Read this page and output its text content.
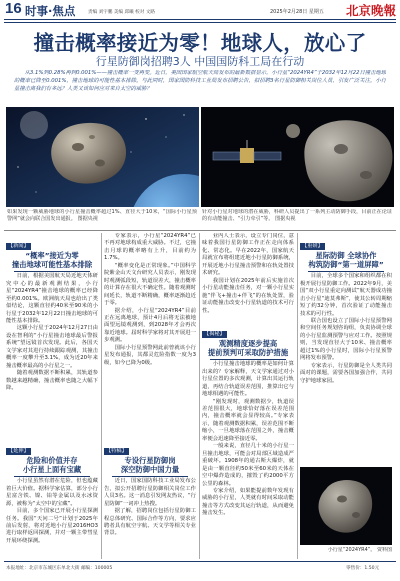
16 时事·焦点	责编 刘宇鹏 美编 邱曦 校对 文路	2025年2月28日 星期五 北京晚報
撞击概率接近为零！地球人，放心了
行星防御岗招聘3人 中国国防科工局在行动

从3.1%到0.28%再到0.001%——撞击概率一变再变。近日，美国国家航空航天局发布的最新数据显示，小行星“2024YR4”于2032年12月22日撞击地球的概率已降至0.001%，撞击地球的可能性基本排除。与此同时，国家国防科技工业局发布招聘公告，拟招聘3名行星防御相关岗位人员，引发广泛关注。小行星撞击离我们有多远？人类又该如何应对来自太空的威胁？

如果发现一颗威胁地球的小行星撞击概率超过1%、直径大于10米，“国际小行星预警网”就会向联合国发出通报。 图据央视

针对小行星对地球的潜在威胁，科研人员提出了一系列主动防御手段，目前正在论证的有动能撞击、“引力牵引”等。 图据央视

【新闻】
“概率”接近为零
撞击地球可能性基本排除

日前，根据美国航天局近地天体研究中心的最新观测结果，小行星“2024YR4”撞击地球的概率已经降至约0.001%。欧洲航天局也给出了类似结论，这颗直径约40米至90米的小行星于2032年12月22日撞击地球的可能性基本排除。

这颗小行星于2024年12月27日由设在智利的“小行星撞击地球最后警报系统”望远镜首次发现。此后，各国天文学家对其进行持续跟踪观测，其撞击概率一度攀升至3.1%，成为近20年来撞击概率最高的小行星之一。

随着观测数据不断积累，其轨道参数越来越精确，撞击概率也随之大幅下降。

【延伸】
危险和价值并存
小行星上面有宝藏

小行星虽然有潜在危险，但也蕴藏着巨大价值。据科学家估算，部分小行星富含铁、镍、铂等金属以及水冰资源，被称为“太空中的宝藏”。

目前，多个国家已开展小行星探测任务。我国“天问二号”计划于2025年前后发射，将对近地小行星2016HO3进行取样返回探测，并对一颗主带彗星开展环绕探测。

专家表示，小行星“2024YR4”已不再对地球构成重大威胁。不过，它撞击月球的概率略有上升，目前约为1.7%。

“概率变化是正常现象。”中国科学院紫金山天文台研究人员表示，刚发现时观测弧段短，轨道误差大，撞击概率的计算存在很大不确定性。随着观测时间延长，轨道不断精确，概率逐渐趋近于零。

据介绍，小行星“2024YR4”目前正在远离地球，预计4月后将无法被地面望远镜观测到，到2028年才会再次靠近地球。届时科学家将对其开展进一步观测。

国际小行星预警网此前曾就该小行星发布通报，其都灵危险指数一度为3级，如今已降为0级。

【特稿】
专设行星防御岗
深空防御中国力量

近日，国家国防科技工业局发布公告，拟公开招聘行星防御相关岗位工作人员3名。这一消息引发网友热议，“行星防御”一词冲上热搜。

据了解，招聘岗位包括行星防御工程总体研究、国际合作等方向，要求应聘者具有航空宇航、天文学等相关专业背景。

业内人士表示，设立专门岗位，意味着我国行星防御工作正在走向体系化、常态化。早在2022年，国家航天局就宣布将组建近地小行星防御系统，开展近地小行星撞击预警和在轨处置技术研究。

我国计划在2025年前后实施首次小行星动能撞击任务，对一颗小行星实施“伴飞+撞击+伴飞”的在轨处置，验证动能撞击改变小行星轨道的技术可行性。

【揭秘】
观测精度逐步提高
提前预判可采取防护措施

小行星撞击地球的概率是如何计算出来的？专家解释，天文学家通过对小行星位置的多次观测，计算出其运行轨道，再结合轨道误差范围，推算出它与地球相遇的可能性。

“刚发现时，观测数据少，轨道误差范围很大，地球恰好落在误差范围内，撞击概率就会显得较高。”专家表示，随着观测数据积累，误差范围不断缩小，一旦地球落在范围之外，撞击概率便会迅速降至接近零。

一般来说，直径几十米的小行星一旦撞击地球，可能会对局部区域造成严重破坏。1908年的通古斯大爆炸，就是由一颗直径约50米至60米的天体在空中爆炸造成的，摧毁了约2000平方公里的森林。

专家介绍，如果能提前数年发现有威胁的小行星，人类就有时间采取动能撞击等方式改变其运行轨道，从而避免撞击发生。

【重磅】
星际防御 全球协作
构筑防御“第一道屏障”

目前，全球多个国家和组织都在积极开展行星防御工作。2022年9月，美国“双小行星重定向测试”航天器成功撞击小行星“迪莫弗斯”，使其公转周期缩短了约32分钟，首次验证了动能撞击技术的可行性。

联合国也设立了国际小行星预警网和空间任务规划咨询组，负责协调全球的小行星监测预警与应对工作。按照规则，当发现直径大于10米、撞击概率超过1%的小行星时，国际小行星预警网将发布预警。

专家表示，行星防御是全人类共同面对的课题，需要各国加强合作，共同守护地球家园。

小行星“2024YR4”。 资料图
本报地址：北京市东城区东单北大街 邮编：100005	零售价：1.50元
